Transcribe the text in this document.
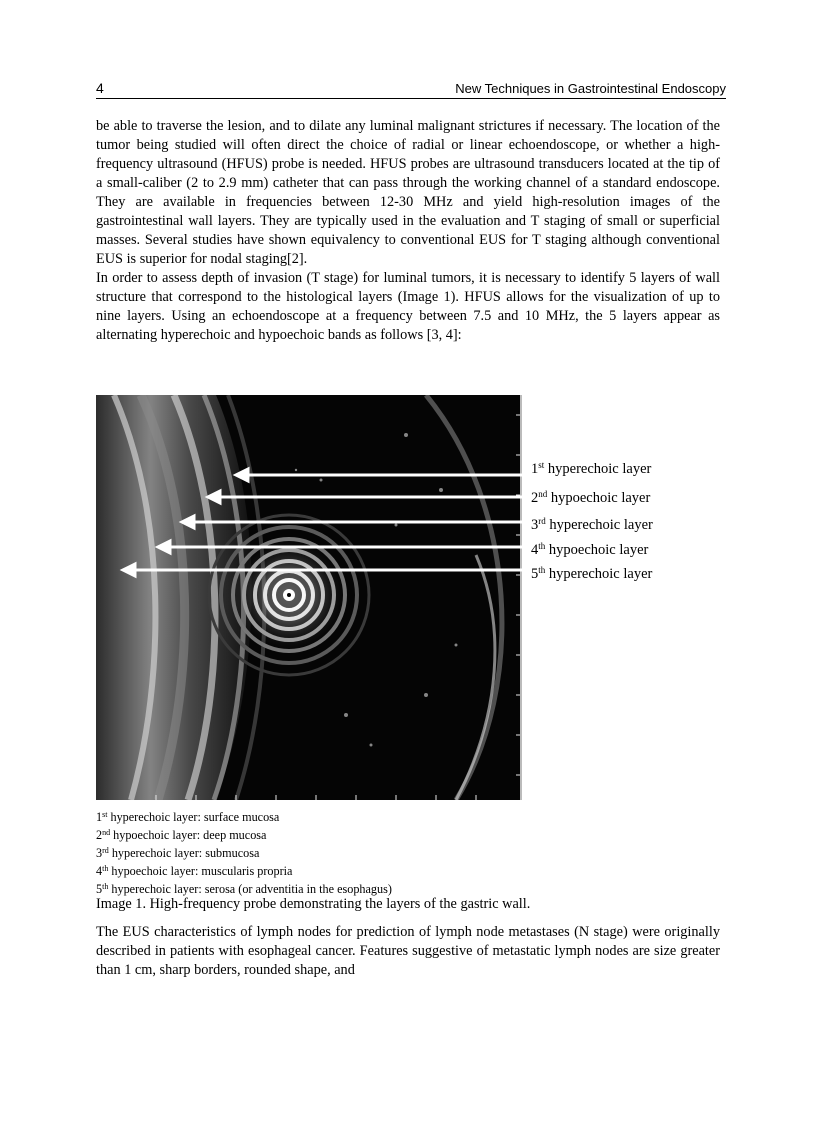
4	New Techniques in Gastrointestinal Endoscopy

be able to traverse the lesion, and to dilate any luminal malignant strictures if necessary. The location of the tumor being studied will often direct the choice of radial or linear echoendoscope, or whether a high-frequency ultrasound (HFUS) probe is needed. HFUS probes are ultrasound transducers located at the tip of a small-caliber (2 to 2.9 mm) catheter that can pass through the working channel of a standard endoscope. They are available in frequencies between 12-30 MHz and yield high-resolution images of the gastrointestinal wall layers. They are typically used in the evaluation and T staging of small or superficial masses. Several studies have shown equivalency to conventional EUS for T staging although conventional EUS is superior for nodal staging[2].

In order to assess depth of invasion (T stage) for luminal tumors, it is necessary to identify 5 layers of wall structure that correspond to the histological layers (Image 1). HFUS allows for the visualization of up to nine layers. Using an echoendoscope at a frequency between 7.5 and 10 MHz, the 5 layers appear as alternating hyperechoic and hypoechoic bands as follows [3, 4]:

1st hyperechoic layer
2nd hypoechoic layer
3rd hyperechoic layer
4th hypoechoic layer
5th hyperechoic layer
1st hyperechoic layer: surface mucosa
2nd hypoechoic layer: deep mucosa
3rd hyperechoic layer: submucosa
4th hypoechoic layer: muscularis propria
5th hyperechoic layer: serosa (or adventitia in the esophagus)
Image 1. High-frequency probe demonstrating the layers of the gastric wall.

The EUS characteristics of lymph nodes for prediction of lymph node metastases (N stage) were originally described in patients with esophageal cancer. Features suggestive of metastatic lymph nodes are size greater than 1 cm, sharp borders, rounded shape, and
